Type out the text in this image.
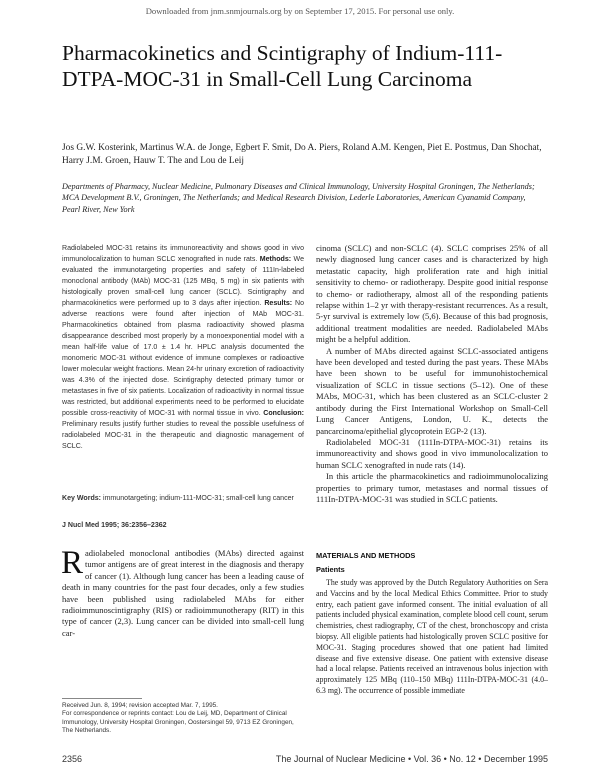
Downloaded from jnm.snmjournals.org by on September 17, 2015. For personal use only.
Pharmacokinetics and Scintigraphy of Indium-111-DTPA-MOC-31 in Small-Cell Lung Carcinoma
Jos G.W. Kosterink, Martinus W.A. de Jonge, Egbert F. Smit, Do A. Piers, Roland A.M. Kengen, Piet E. Postmus, Dan Shochat, Harry J.M. Groen, Hauw T. The and Lou de Leij
Departments of Pharmacy, Nuclear Medicine, Pulmonary Diseases and Clinical Immunology, University Hospital Groningen, The Netherlands; MCA Development B.V., Groningen, The Netherlands; and Medical Research Division, Lederle Laboratories, American Cyanamid Company, Pearl River, New York
Radiolabeled MOC-31 retains its immunoreactivity and shows good in vivo immunolocalization to human SCLC xenografted in nude rats. Methods: We evaluated the immunotargeting properties and safety of 111In-labeled monoclonal antibody (MAb) MOC-31 (125 MBq, 5 mg) in six patients with histologically proven small-cell lung cancer (SCLC). Scintigraphy and pharmacokinetics were performed up to 3 days after injection. Results: No adverse reactions were found after injection of MAb MOC-31. Pharmacokinetics obtained from plasma radioactivity showed plasma disappearance described most properly by a monoexponential model with a mean half-life value of 17.0 ± 1.4 hr. HPLC analysis documented the monomeric MOC-31 without evidence of immune complexes or radioactive lower molecular weight fractions. Mean 24-hr urinary excretion of radioactivity was 4.3% of the injected dose. Scintigraphy detected primary tumor or metastases in five of six patients. Localization of radioactivity in normal tissue was restricted, but additional experiments need to be performed to elucidate possible cross-reactivity of MOC-31 with normal tissue in vivo. Conclusion: Preliminary results justify further studies to reveal the possible usefulness of radiolabeled MOC-31 in the therapeutic and diagnostic management of SCLC.
Key Words: immunotargeting; indium-111-MOC-31; small-cell lung cancer
J Nucl Med 1995; 36:2356–2362
Radiolabeled monoclonal antibodies (MAbs) directed against tumor antigens are of great interest in the diagnosis and therapy of cancer (1). Although lung cancer has been a leading cause of death in many countries for the past four decades, only a few studies have been published using radiolabeled MAbs for either radioimmunoscintigraphy (RIS) or radioimmunotherapy (RIT) in this type of cancer (2,3). Lung cancer can be divided into small-cell lung car-
Received Jun. 8, 1994; revision accepted Mar. 7, 1995.
For correspondence or reprints contact: Lou de Leij, MD, Department of Clinical Immunology, University Hospital Groningen, Oostersingel 59, 9713 EZ Groningen, The Netherlands.

cinoma (SCLC) and non-SCLC (4). SCLC comprises 25% of all newly diagnosed lung cancer cases and is characterized by high metastatic capacity, high proliferation rate and high initial sensitivity to chemo- or radiotherapy. Despite good initial response to chemo- or radiotherapy, almost all of the responding patients relapse within 1–2 yr with therapy-resistant recurrences. As a result, 5-yr survival is extremely low (5,6). Because of this bad prognosis, additional treatment modalities are needed. Radiolabeled MAbs might be a helpful addition.

A number of MAbs directed against SCLC-associated antigens have been developed and tested during the past years. These MAbs have been shown to be useful for immunohistochemical visualization of SCLC in tissue sections (5–12). One of these MAbs, MOC-31, which has been clustered as an SCLC-cluster 2 antibody during the First International Workshop on Small-Cell Lung Cancer Antigens, London, U. K., detects the pancarcinoma/epithelial glycoprotein EGP-2 (13).

Radiolabeled MOC-31 (111In-DTPA-MOC-31) retains its immunoreactivity and shows good in vivo immunolocalization to human SCLC xenografted in nude rats (14).

In this article the pharmacokinetics and radioimmunolocalizing properties to primary tumor, metastases and normal tissues of 111In-DTPA-MOC-31 was studied in SCLC patients.

MATERIALS AND METHODS
Patients
The study was approved by the Dutch Regulatory Authorities on Sera and Vaccins and by the local Medical Ethics Committee. Prior to study entry, each patient gave informed consent. The initial evaluation of all patients included physical examination, complete blood cell count, serum chemistries, chest radiography, CT of the chest, bronchoscopy and crista biopsy. All eligible patients had histologically proven SCLC positive for MOC-31. Staging procedures showed that one patient had limited disease and five extensive disease. One patient with extensive disease had a local relapse. Patients received an intravenous bolus injection with approximately 125 MBq (110–150 MBq) 111In-DTPA-MOC-31 (4.0–6.3 mg). The occurrence of possible immediate
2356	The Journal of Nuclear Medicine • Vol. 36 • No. 12 • December 1995
